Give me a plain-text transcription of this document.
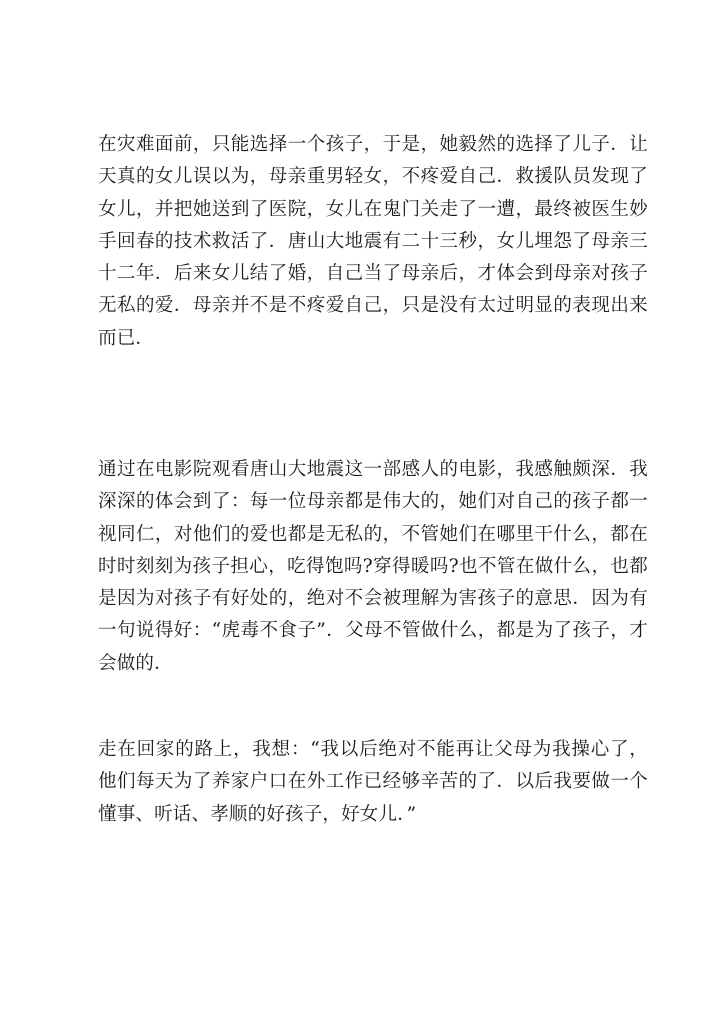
在灾难面前，只能选择一个孩子，于是，她毅然的选择了儿子．让天真的女儿误以为，母亲重男轻女，不疼爱自己．救援队员发现了女儿，并把她送到了医院，女儿在鬼门关走了一遭，最终被医生妙手回春的技术救活了．唐山大地震有二十三秒，女儿埋怨了母亲三十二年．后来女儿结了婚，自己当了母亲后，才体会到母亲对孩子无私的爱．母亲并不是不疼爱自己，只是没有太过明显的表现出来而已．

通过在电影院观看唐山大地震这一部感人的电影，我感触颇深．我深深的体会到了：每一位母亲都是伟大的，她们对自己的孩子都一视同仁，对他们的爱也都是无私的，不管她们在哪里干什么，都在时时刻刻为孩子担心，吃得饱吗?穿得暖吗?也不管在做什么，也都是因为对孩子有好处的，绝对不会被理解为害孩子的意思．因为有一句说得好：“虎毒不食子”．父母不管做什么，都是为了孩子，才会做的．

走在回家的路上，我想：“我以后绝对不能再让父母为我操心了，他们每天为了养家户口在外工作已经够辛苦的了．以后我要做一个懂事、听话、孝顺的好孩子，好女儿．”
